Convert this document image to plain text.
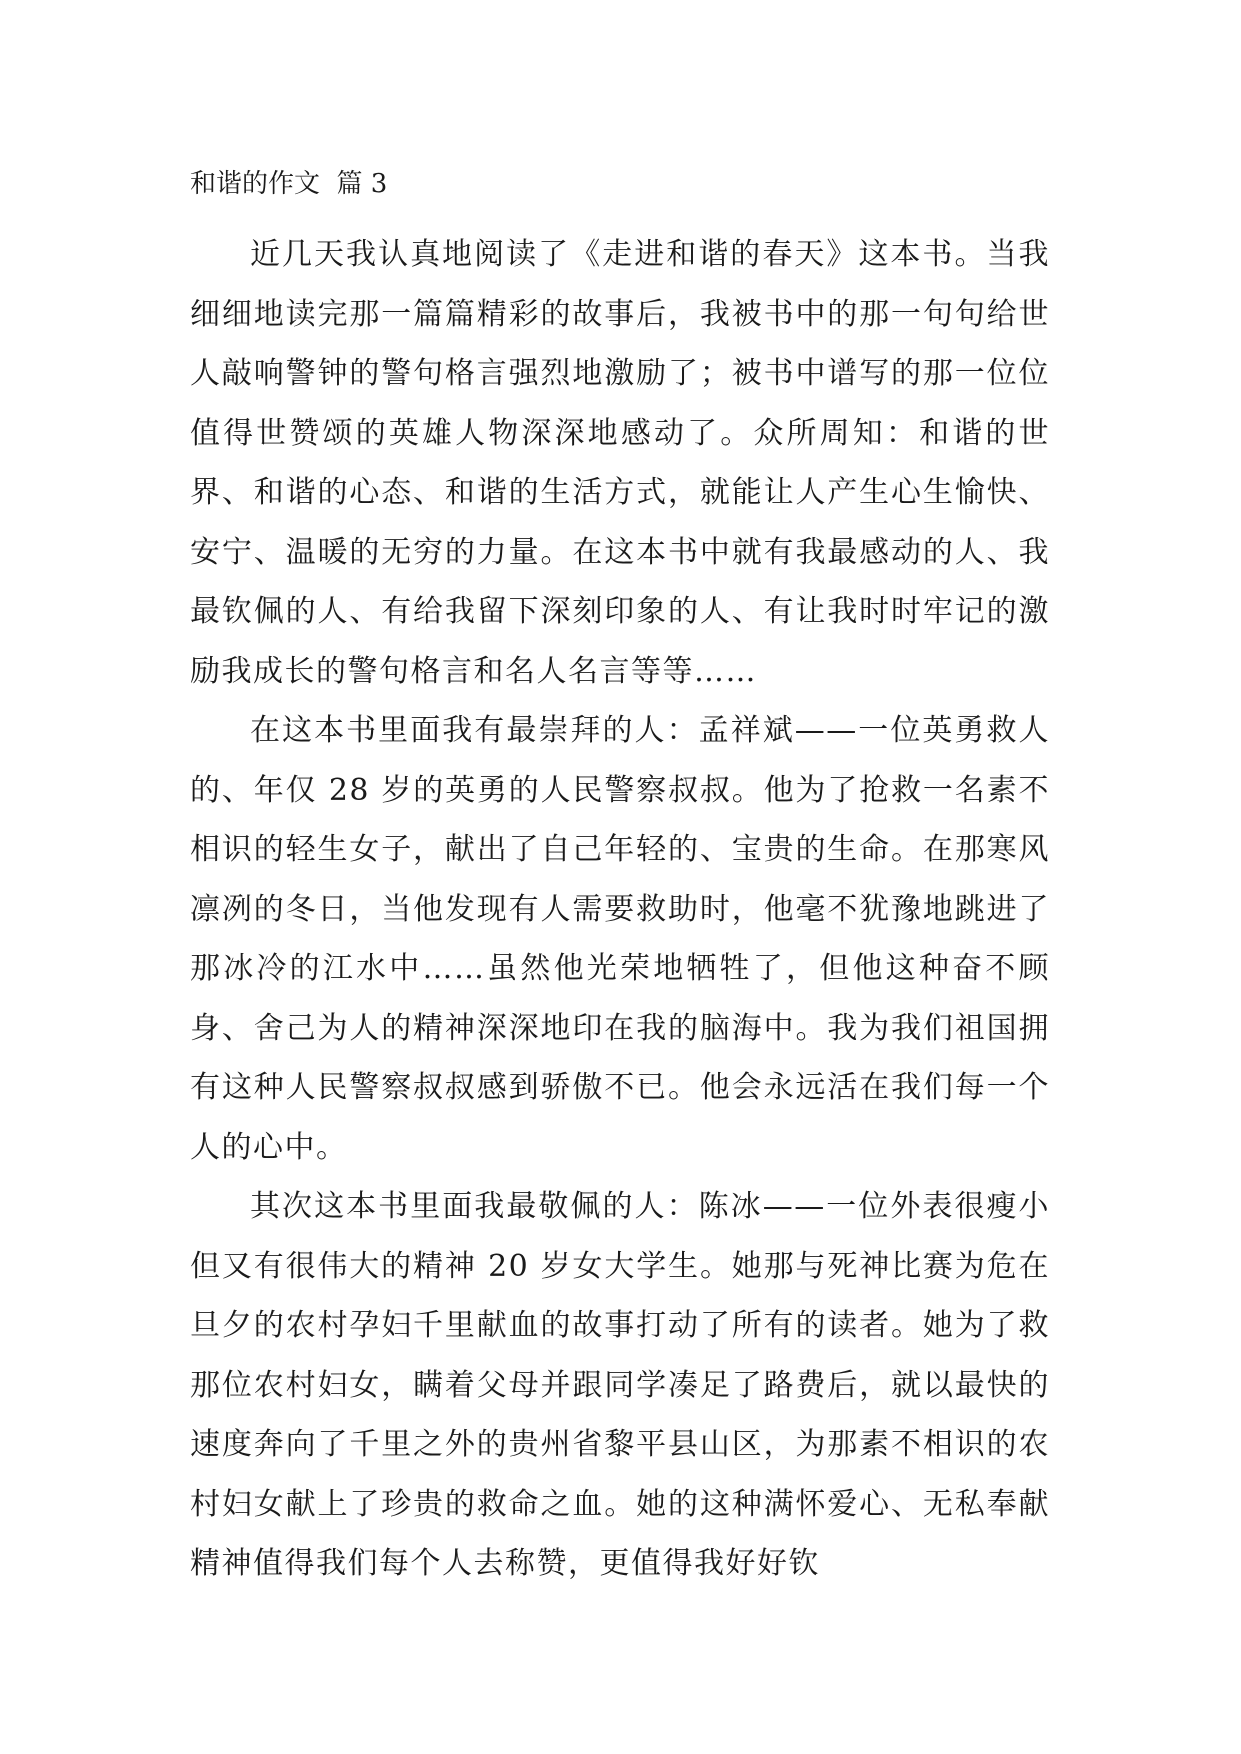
和谐的作文  篇 3

近几天我认真地阅读了《走进和谐的春天》这本书。当我细细地读完那一篇篇精彩的故事后，我被书中的那一句句给世人敲响警钟的警句格言强烈地激励了；被书中谱写的那一位位值得世赞颂的英雄人物深深地感动了。众所周知：和谐的世界、和谐的心态、和谐的生活方式，就能让人产生心生愉快、安宁、温暖的无穷的力量。在这本书中就有我最感动的人、我最钦佩的人、有给我留下深刻印象的人、有让我时时牢记的激励我成长的警句格言和名人名言等等……

在这本书里面我有最崇拜的人：孟祥斌——一位英勇救人的、年仅 28 岁的英勇的人民警察叔叔。他为了抢救一名素不相识的轻生女子，献出了自己年轻的、宝贵的生命。在那寒风凛冽的冬日，当他发现有人需要救助时，他毫不犹豫地跳进了那冰冷的江水中……虽然他光荣地牺牲了，但他这种奋不顾身、舍己为人的精神深深地印在我的脑海中。我为我们祖国拥有这种人民警察叔叔感到骄傲不已。他会永远活在我们每一个人的心中。

其次这本书里面我最敬佩的人：陈冰——一位外表很瘦小但又有很伟大的精神 20 岁女大学生。她那与死神比赛为危在旦夕的农村孕妇千里献血的故事打动了所有的读者。她为了救那位农村妇女，瞒着父母并跟同学凑足了路费后，就以最快的速度奔向了千里之外的贵州省黎平县山区，为那素不相识的农村妇女献上了珍贵的救命之血。她的这种满怀爱心、无私奉献精神值得我们每个人去称赞，更值得我好好钦
